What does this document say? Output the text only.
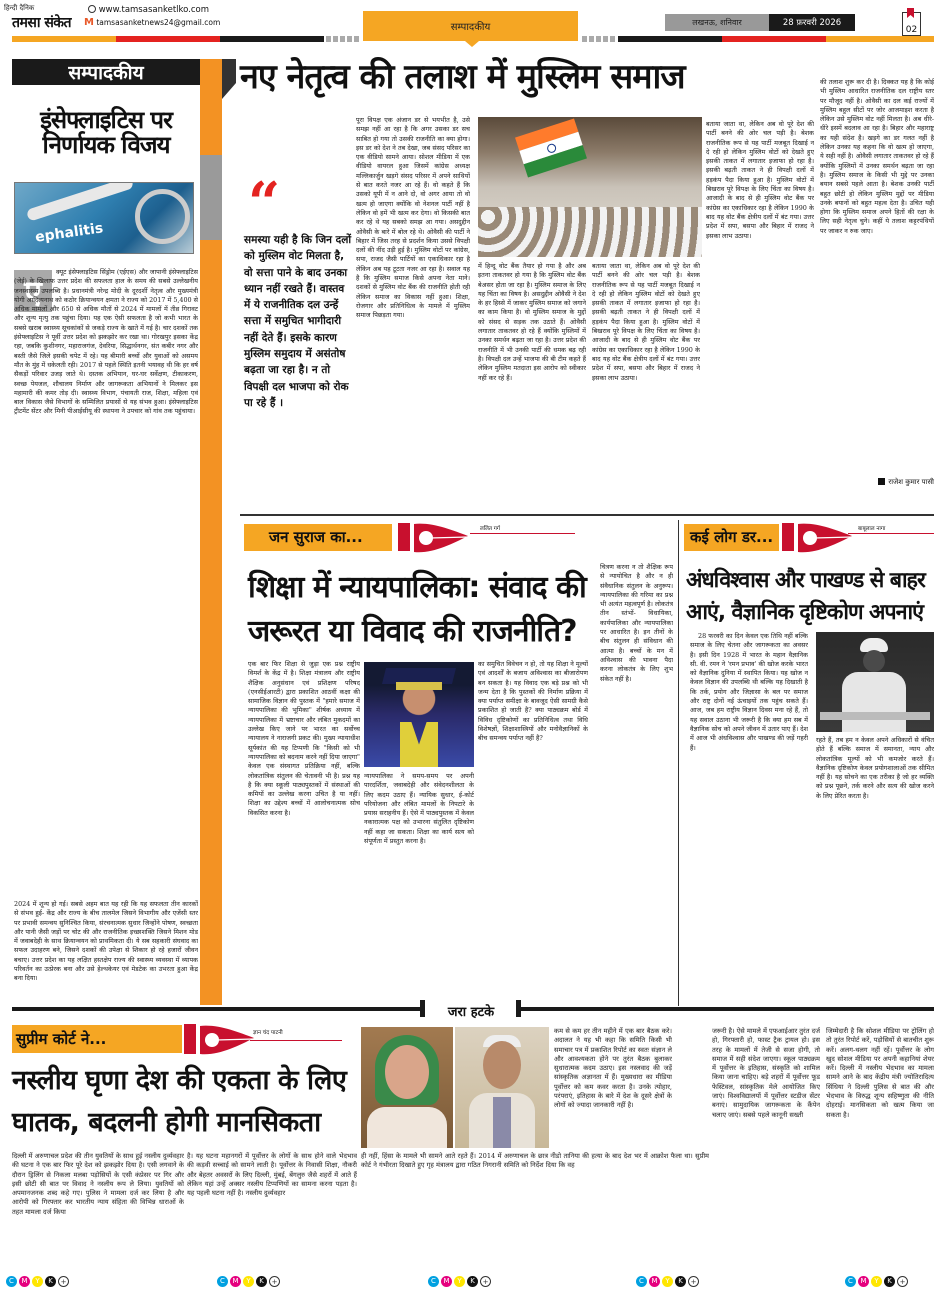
हिन्दी दैनिक
तमसा संकेत
www.tamsasanketlko.com
M tamsasanketnews24@gmail.com	सम्पादकीय	लखनऊ, शनिवार	28 फ़रवरी 2026
02
सम्पादकीय
इंसेफ्लाइटिस पर निर्णायक विजय
ephalitis
ए
क्यूट इंसेफ्लाइटिस सिंड्रोम (एईएस) और जापानी इंसेफ्लाइटिस (जेई) के खिलाफ उत्तर प्रदेश की सफलता हाल के समय की सबसे उल्लेखनीय जनस्वास्थ्य उपलब्धि है। प्रधानमंत्री नरेन्द्र मोदी के दूरदर्शी नेतृत्व और मुख्यमंत्री योगी आदित्यनाथ को कठोर क्रियान्वयन क्षमता ने राज्य को 2017 में 5,400 से अधिक मामलों और 650 से अधिक मौतों से 2024 में मामलों में तीव्र गिरावट और शून्य मृत्यु तक पहुंचा दिया। यह एक ऐसी सफलता है जो कभी भारत के सबसे खराब स्वास्थ्य सूचकांकों से जकड़े राज्य के खाते में गई है। चार दशकों तक इंसेफ्लाइटिस ने पूर्वी उत्तर प्रदेश को झकझोर कर रखा था। गोरखपुर इसका केंद्र रहा, जबकि कुशीनगर, महाराजगंज, देवरिया, सिद्धार्थनगर, संत कबीर नगर और बस्ती जैसे जिले इसकी चपेट में रहे। यह बीमारी बच्चों और युवाओं को असमय मौत के मुंह में धकेलती रही। 2017 से पहले स्थिति इतनी भयावह थी कि हर वर्ष सैकड़ों परिवार उजड़ जाते थे। दस्तक अभियान, घर-घर सर्वेक्षण, टीकाकरण, स्वच्छ पेयजल, शौचालय निर्माण और जागरूकता अभियानों ने मिलकर इस महामारी की कमर तोड़ दी। स्वास्थ्य विभाग, पंचायती राज, शिक्षा, महिला एवं बाल विकास जैसे विभागों के सम्मिलित प्रयासों से यह संभव हुआ। इंसेफ्लाइटिस ट्रीटमेंट सेंटर और मिनी पीआईसीयू की स्थापना ने उपचार को गांव तक पहुंचाया।
2024 में शून्य हो गई। सबसे अहम बात यह रही कि यह सफलता तीन कारकों से संभव हुई- केंद्र और राज्य के बीच तालमेल जिसने विभागीय और एजेंसी स्तर पर प्रभावी समन्वय सुनिश्चित किया, संरचनात्मक सुधार जिन्होंने पोषण, स्वच्छता और पानी जैसी जड़ों पर चोट की और राजनीतिक इच्छाशक्ति जिसने मिशन मोड में जवाबदेही के साथ क्रियान्वयन को प्राथमिकता दी। ये सब सहकारी संघवाद का सफल उदाहरण बने, जिसने दशकों की उपेक्षा से शिकार हो रहे हजारों जीवन बचाए। उत्तर प्रदेश का यह लक्षित हस्तक्षेप राज्य की स्वास्थ्य व्यवस्था में व्यापक परिवर्तन का उत्प्रेरक बना और उसे हेल्थकेयर एवं मेडटेक का उभरता हुआ केंद्र बना दिया।
नए नेतृत्व की तलाश में मुस्लिम समाज
“
समस्या यही है कि जिन दलों को मुस्लिम वोट मिलता है, वो सत्ता पाने के बाद उनका ध्यान नहीं रखते हैं। वास्तव में ये राजनीतिक दल उन्हें सत्ता में समुचित भागीदारी नहीं देते हैं। इसके कारण मुस्लिम समुदाय में असंतोष बढ़ता जा रहा है। न तो विपक्षी दल भाजपा को रोक पा रहे हैं ।
पूरा विपक्ष एक अंजान डर से भयभीत है, उसे समझ नहीं आ रहा है कि अगर उसका डर सच साबित हो गया तो उसकी राजनीति का क्या होगा। इस डर को देश ने तब देखा, जब संसद परिसर का एक वीडियो सामने आया। सोशल मीडिया में एक वीडियो वायरल हुआ जिसमें कांग्रेस अध्यक्ष मल्लिकार्जुन खड़गे संसद परिसर में अपने साथियों से बात करते नजर आ रहे हैं। वो कहते हैं कि उसको यूपी में न आने दो, वो अगर आया तो वो खत्म हो जाएगा क्योंकि वो नेशनल पार्टी नहीं है लेकिन वो हमें भी खत्म कर देगा। वो किसकी बात कर रहे थे यह सबको समझ आ गया। असदुद्दीन ओवैसी के बारे में बोल रहे थे। ओवैसी की पार्टी ने बिहार में जिस तरह से प्रदर्शन किया उससे विपक्षी दलों की नींद उड़ी हुई है। मुस्लिम वोटों पर कांग्रेस, सपा, राजद जैसी पार्टियों का एकाधिकार रहा है लेकिन अब यह टूटता नजर आ रहा है। सवाल यह है कि मुस्लिम समाज किसे अपना नेता माने। दशकों से मुस्लिम वोट बैंक की राजनीति होती रही लेकिन समाज का विकास नहीं हुआ। शिक्षा, रोजगार और प्रतिनिधित्व के मामले में मुस्लिम समाज पिछड़ता गया।
में हिन्दू वोट बैंक तैयार हो गया है और अब इतना ताकतवर हो गया है कि मुस्लिम वोट बैंक बेअसर होता जा रहा है। मुस्लिम समाज के लिए यह चिंता का विषय है। असदुद्दीन ओवैसी ने देश के हर हिस्से में जाकर मुस्लिम समाज को जगाने का काम किया है। वो मुस्लिम समाज के मुद्दों को संसद से सड़क तक उठाते हैं। ओवैसी लगातार ताकतवर हो रहे हैं क्योंकि मुस्लिमों में उनका समर्थन बढ़ता जा रहा है। उत्तर प्रदेश की राजनीति में भी उनकी पार्टी की धमक बढ़ रही है। विपक्षी दल उन्हें भाजपा की बी टीम कहते हैं लेकिन मुस्लिम मतदाता इस आरोप को स्वीकार नहीं कर रहे हैं।
बताया जाता था, लेकिन अब वो पूरे देश की पार्टी बनने की ओर चल पड़ी है। बेशक राजनीतिक रूप से यह पार्टी मजबूत दिखाई न दे रही हो लेकिन मुस्लिम वोटों को देखते हुए इसकी ताकत में लगातार इजाफा हो रहा है। इसकी बढ़ती ताकत ने ही विपक्षी दलों में हड़कंप पैदा किया हुआ है। मुस्लिम वोटों में बिखराव पूरे विपक्ष के लिए चिंता का विषय है। आजादी के बाद से ही मुस्लिम वोट बैंक पर कांग्रेस का एकाधिकार रहा है लेकिन 1990 के बाद यह वोट बैंक क्षेत्रीय दलों में बंट गया। उत्तर प्रदेश में सपा, बसपा और बिहार में राजद ने इसका लाभ उठाया।
बताया जाता था, लेकिन अब वो पूरे देश की पार्टी बनने की ओर चल पड़ी है। बेशक राजनीतिक रूप से यह पार्टी मजबूत दिखाई न दे रही हो लेकिन मुस्लिम वोटों को देखते हुए इसकी ताकत में लगातार इजाफा हो रहा है। इसकी बढ़ती ताकत ने ही विपक्षी दलों में हड़कंप पैदा किया हुआ है। मुस्लिम वोटों में बिखराव पूरे विपक्ष के लिए चिंता का विषय है। आजादी के बाद से ही मुस्लिम वोट बैंक पर कांग्रेस का एकाधिकार रहा है लेकिन 1990 के बाद यह वोट बैंक क्षेत्रीय दलों में बंट गया। उत्तर प्रदेश में सपा, बसपा और बिहार में राजद ने इसका लाभ उठाया।
की तलाश शुरू कर दी है। दिक्कत यह है कि कोई भी मुस्लिम आधारित राजनीतिक दल राष्ट्रीय स्तर पर मौजूद नहीं है। ओवैसी का दल कई राज्यों में मुस्लिम बहुल सीटों पर जोर आजमाइश करता है लेकिन उसे मुस्लिम वोट नहीं मिलता है। अब धीरे-धीरे इसमें बदलाव आ रहा है। बिहार और महाराष्ट्र का यही संदेश है। खड़गे का डर गलत नहीं है लेकिन उनका यह कहना कि वो खत्म हो जाएगा, ये सही नहीं है। ओवैसी लगातार ताकतवर हो रहे हैं क्योंकि मुस्लिमों में उनका समर्थन बढ़ता जा रहा है। मुस्लिम समाज के किसी भी मुद्दे पर उनका बयान सबसे पहले आता है। बेशक उनकी पार्टी बहुत छोटी हो लेकिन मुस्लिम मुद्दों पर मीडिया उनके बयानों को बहुत महत्व देता है। उचित यही होगा कि मुस्लिम समाज अपने हितों की रक्षा के लिए सही नेतृत्व चुने। कहीं ये तलाश कट्टरपंथियों पर जाकर न रुक जाए।
राजेश कुमार पासी
जन सुराज का...	ललित गर्ग
शिक्षा में न्यायपालिका: संवाद की जरूरत या विवाद की राजनीति?
एक बार फिर शिक्षा से जुड़ा एक प्रश्न राष्ट्रीय विमर्श के केंद्र में है। शिक्षा मंत्रालय और राष्ट्रीय शैक्षिक अनुसंधान एवं प्रशिक्षण परिषद (एनसीईआरटी) द्वारा प्रकाशित आठवीं कक्षा की सामाजिक विज्ञान की पुस्तक में "हमारे समाज में न्यायपालिका की भूमिका" शीर्षक अध्याय में न्यायपालिका में भ्रष्टाचार और लंबित मुकदमों का उल्लेख किए जाने पर भारत का सर्वोच्च न्यायालय ने नाराजगी प्रकट की। मुख्य न्यायाधीश सूर्यकांत की यह टिप्पणी कि "किसी को भी न्यायपालिका को बदनाम करने नहीं दिया जाएगा" केवल एक संस्थागत प्रतिक्रिया नहीं, बल्कि लोकतांत्रिक संतुलन की चेतावनी भी है। प्रश्न यह है कि क्या स्कूली पाठ्यपुस्तकों में संस्थाओं की कमियों का उल्लेख करना उचित है या नहीं। शिक्षा का उद्देश्य बच्चों में आलोचनात्मक सोच विकसित करना है।
न्यायपालिका ने समय-समय पर अपनी पारदर्शिता, जवाबदेही और संवेदनशीलता के लिए कदम उठाए हैं। न्यायिक सुधार, ई-कोर्ट परियोजना और लंबित मामलों के निपटारे के प्रयास सराहनीय हैं। ऐसे में पाठ्यपुस्तक में केवल नकारात्मक पक्ष को उभारना संतुलित दृष्टिकोण नहीं कहा जा सकता। शिक्षा का कार्य सत्य को संपूर्णता में प्रस्तुत करना है।
का समुचित विवेचन न हो, तो यह शिक्षा ने मूल्यों एवं आदर्शों के बजाय अविश्वास का बीजारोपण बन सकता है। यह विवाद एक बड़े प्रश्न को भी जन्म देता है कि पुस्तकों की निर्माण प्रक्रिया में क्या पर्याप्त समीक्षा के बावजूद ऐसी सामग्री कैसे प्रकाशित हो जाती है? क्या पाठ्यक्रम बोर्ड में विविध दृष्टिकोणों का प्रतिनिधित्व तथा विधि विशेषज्ञों, शिक्षाशास्त्रियों और मनोवैज्ञानिकों के बीच समन्वय पर्याप्त नहीं है?
चित्रण करना न तो शैक्षिक रूप से न्यायोचित है और न ही संवैधानिक संतुलन के अनुरूप। न्यायपालिका की गरिमा का प्रश्न भी अत्यंत महत्वपूर्ण है। लोकतंत्र तीन स्तंभों- विधायिका, कार्यपालिका और न्यायपालिका पर आधारित है। इन तीनों के बीच संतुलन ही संविधान की आत्मा है। बच्चों के मन में अविश्वास की भावना पैदा करना लोकतंत्र के लिए शुभ संकेत नहीं है।
कई लोग डर...	बाबूलाल नागा
अंधविश्वास और पाखण्ड से बाहर आएं, वैज्ञानिक दृष्टिकोण अपनाएं
28 फरवरी का दिन केवल एक तिथि नहीं बल्कि समाज के लिए चेतना और जागरूकता का अवसर है। इसी दिन 1928 में भारत के महान वैज्ञानिक सी. वी. रमन ने 'रमन प्रभाव' की खोज करके भारत को वैज्ञानिक दुनिया में स्थापित किया। यह खोज न केवल विज्ञान की उपलब्धि थी बल्कि यह दिखाती है कि तर्क, प्रयोग और जिज्ञासा के बल पर समाज और राष्ट्र दोनों नई ऊंचाइयों तक पहुंच सकते हैं। आज, जब हम राष्ट्रीय विज्ञान दिवस मना रहे हैं, तो यह सवाल उठाना भी जरूरी है कि क्या हम सब में वैज्ञानिक सोच को अपने जीवन में उतार पाए हैं। देश में आज भी अंधविश्वास और पाखण्ड की जड़ें गहरी हैं।
रहते हैं, तब हम न केवल अपने अधिकारों से वंचित होते हैं बल्कि समाज में समानता, न्याय और लोकतांत्रिक मूल्यों को भी कमजोर करते हैं। वैज्ञानिक दृष्टिकोण केवल प्रयोगशालाओं तक सीमित नहीं है। यह सोचने का एक तरीका है जो हर व्यक्ति को प्रश्न पूछने, तर्क करने और सत्य की खोज करने के लिए प्रेरित करता है।
जरा हटके
सुप्रीम कोर्ट ने...	ज्ञान चंद पाटनी
नस्लीय घृणा देश की एकता के लिए घातक, बदलनी होगी मानसिकता
दिल्ली में अरुणाचल प्रदेश की तीन युवतियों के साथ हुई नस्लीय दुर्व्यवहार की घटना ने एक बार फिर पूरे देश को झकझोर दिया है। एसी लगवाने के दौरान ड्रिलिंग से निकला मलबा पड़ोसियों के एसी कंप्रेसर पर गिर और इसी छोटी सी बात पर विवाद ने नस्लीय रूप ले लिया। युवतियों को अपमानजनक शब्द कहे गए। पुलिस ने मामला दर्ज कर लिया है और आरोपी को गिरफ्तार कर भारतीय न्याय संहिता की विभिन्न धाराओं के तहत मामला दर्ज किया
है। यह घटना महानगरों में पूर्वोत्तर के लोगों के साथ होने वाले भेदभाव की कड़वी सच्चाई को सामने लाती है। पूर्वोत्तर के निवासी शिक्षा, नौकरी और बेहतर अवसरों के लिए दिल्ली, मुंबई, बेंगलुरु जैसे शहरों में आते हैं लेकिन यहां उन्हें अक्सर नस्लीय टिप्पणियों का सामना करना पड़ता है। यह पहली घटना नहीं है। नस्लीय दुर्व्यवहार
ही नहीं, हिंसा के मामले भी सामने आते रहते हैं। 2014 में अरुणाचल के छात्र नीडो तानिया की हत्या के बाद देश भर में आक्रोश फैला था। सुप्रीम कोर्ट ने गंभीरता दिखाते हुए गृह मंत्रालय द्वारा गठित निगरानी समिति को निर्देश दिया कि वह
कम से कम हर तीन महीने में एक बार बैठक करे। अदालत ने यह भी कहा कि समिति किसी भी समाचार पत्र में प्रकाशित रिपोर्ट का स्वतः संज्ञान ले और आवश्यकता होने पर तुरंत बैठक बुलाकर सुधारात्मक कदम उठाए। इस नस्लवाद की जड़ें सांस्कृतिक अज्ञानता में हैं। मुख्यधारा का मीडिया पूर्वोत्तर को कम कवर करता है। उनके त्योहार, परंपराएं, इतिहास के बारे में देश के दूसरे क्षेत्रों के लोगों को ज्यादा जानकारी नहीं है।
जरूरी है। ऐसे मामले में एफआईआर तुरंत दर्ज हो, गिरफ्तारी हो, फास्ट ट्रैक ट्रायल हो। इस तरह के मामलों में तेजी से सजा होगी, तो समाज में सही संदेश जाएगा। स्कूल पाठ्यक्रम में पूर्वोत्तर के इतिहास, संस्कृति को शामिल किया जाना चाहिए। बड़े शहरों में पूर्वोत्तर फूड फेस्टिवल, सांस्कृतिक मेले आयोजित किए जाएं। विश्वविद्यालयों में पूर्वोत्तर स्टडीज सेंटर बनाएं। सामुदायिक जागरूकता के कैंपेन चलाए जाएं। सबसे पहले कानूनी सख्ती
जिम्मेदारी है कि सोशल मीडिया पर ट्रोलिंग हो तो तुरंत रिपोर्ट करें, पड़ोसियों से बातचीत शुरू करें। अलग-थलग नहीं रहें। पूर्वोत्तर के लोग खुद सोशल मीडिया पर अपनी कहानियां शेयर करें। दिल्ली में नस्लीय भेदभाव का मामला सामने आने के बाद केंद्रीय मंत्री ज्योतिरादित्य सिंधिया ने दिल्ली पुलिस से बात की और भेदभाव के विरुद्ध शून्य सहिष्णुता की नीति दोहराई। मानसिकता को खत्म किया जा सकता है।
C	M	Y	K	+	C	M	Y	K	+	C	M	Y	K	+	C	M	Y	K	+	C	M	Y	K	+
